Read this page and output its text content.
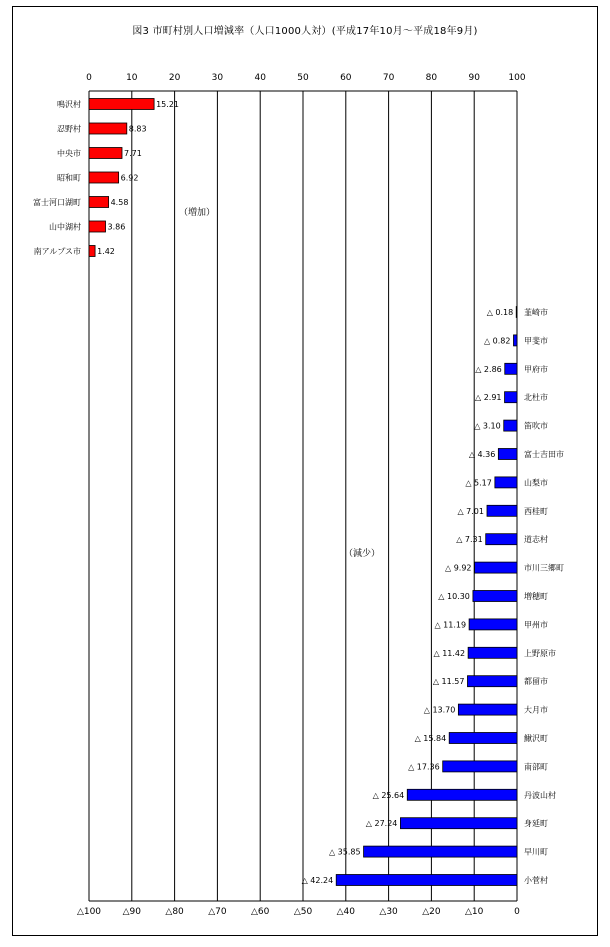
図3 市町村別人口増減率（人口1000人対）(平成17年10月～平成18年9月)
0	10	20	30	40	50	60	70	80	90	100
△100 △90	△80	△70	△60	△50	△40	△30	△20	△10	0
鳴沢村	15.21
忍野村	8.83
中央市	7.71
昭和町	6.92
富士河口湖町	4.58
山中湖村	3.86
南アルプス市 1.42
韮崎市
△ 0.18
甲斐市
△ 0.82
甲府市
△ 2.86
北杜市
△ 2.91
笛吹市
△ 3.10
富士吉田市
△ 4.36
山梨市
△ 5.17
西桂町
△ 7.01
道志村
△ 7.31
市川三郷町
△ 9.92
増穂町
△ 10.30
甲州市
△ 11.19
上野原市
△ 11.42
都留市
△ 11.57
大月市
△ 13.70
鰍沢町
△ 15.84
南部町
△ 17.36
丹波山村
△ 25.64
身延町
△ 27.24
早川町
△ 35.85
小菅村
△ 42.24
（増加）
（減少）
